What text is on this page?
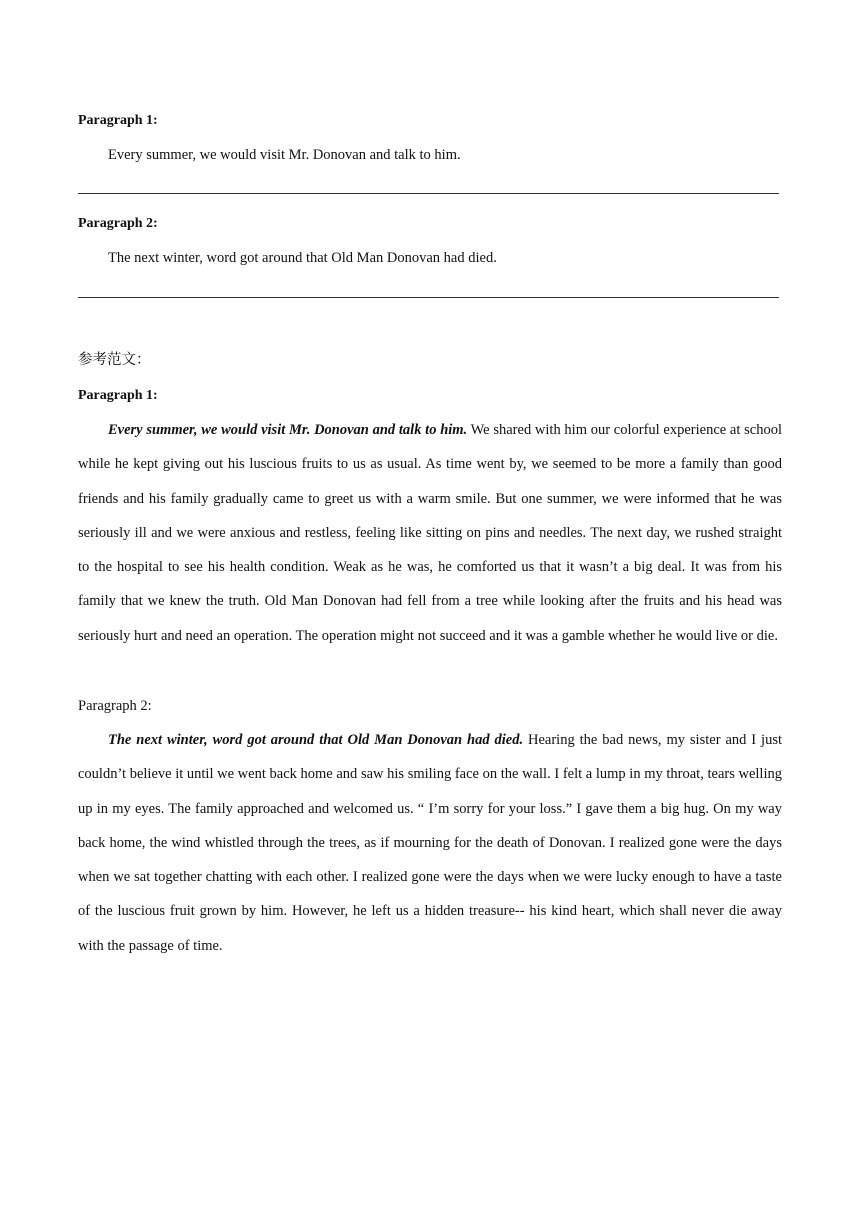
Paragraph 1:
Every summer, we would visit Mr. Donovan and talk to him.
Paragraph 2:
The next winter, word got around that Old Man Donovan had died.
参考范文：
Paragraph 1:

Every summer, we would visit Mr. Donovan and talk to him. We shared with him our colorful experience at school while he kept giving out his luscious fruits to us as usual. As time went by, we seemed to be more a family than good friends and his family gradually came to greet us with a warm smile. But one summer, we were informed that he was seriously ill and we were anxious and restless, feeling like sitting on pins and needles. The next day, we rushed straight to the hospital to see his health condition. Weak as he was, he comforted us that it wasn’t a big deal. It was from his family that we knew the truth. Old Man Donovan had fell from a tree while looking after the fruits and his head was seriously hurt and need an operation. The operation might not succeed and it was a gamble whether he would live or die.

Paragraph 2:

The next winter, word got around that Old Man Donovan had died. Hearing the bad news, my sister and I just couldn’t believe it until we went back home and saw his smiling face on the wall. I felt a lump in my throat, tears welling up in my eyes. The family approached and welcomed us. “ I’m sorry for your loss.” I gave them a big hug. On my way back home, the wind whistled through the trees, as if mourning for the death of Donovan. I realized gone were the days when we sat together chatting with each other. I realized gone were the days when we were lucky enough to have a taste of the luscious fruit grown by him. However, he left us a hidden treasure-- his kind heart, which shall never die away with the passage of time.
